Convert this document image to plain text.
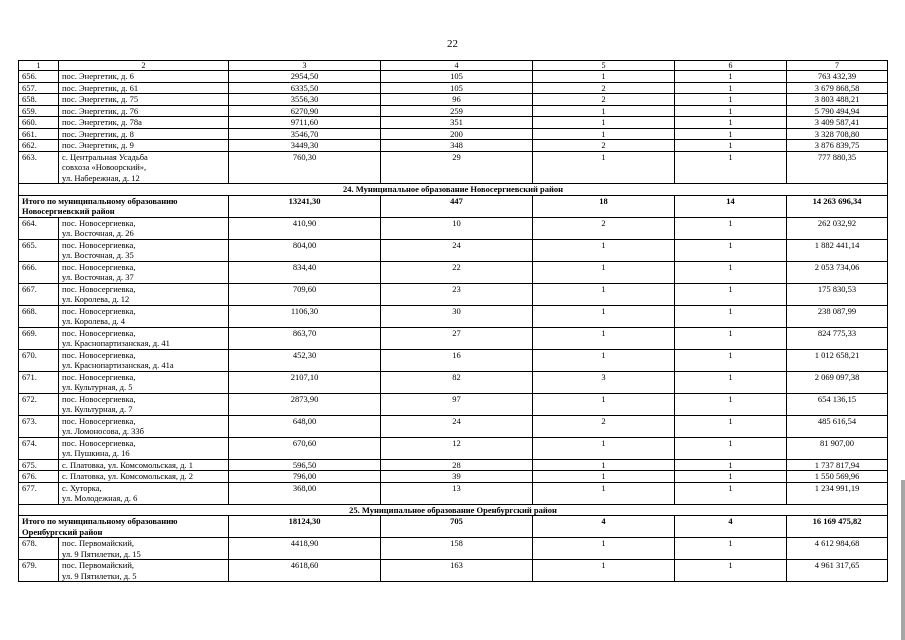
22
1	2	3	4	5	6	7
656.	пос. Энергетик, д. 6	2954,50	105	1	1	763 432,39
657.	пос. Энергетик, д. 61	6335,50	105	2	1	3 679 868,58
658.	пос. Энергетик, д. 75	3556,30	96	2	1	3 803 488,21
659.	пос. Энергетик, д. 76	6270,90	259	1	1	5 790 494,94
660.	пос. Энергетик, д. 78а	9711,60	351	1	1	3 409 587,41
661.	пос. Энергетик, д. 8	3546,70	200	1	1	3 328 708,80
662.	пос. Энергетик, д. 9	3449,30	348	2	1	3 876 839,75
663.	с. Центральная Усадьба
совхоза «Новоорский»,
ул. Набережная, д. 12	760,30	29	1	1	777 880,35
24. Муниципальное образование Новосергиевский район						

Итого по муниципальному образованию
Новосергиевский район		13241,30	447	18	14	14 263 696,34
664.	пос. Новосергиевка,
ул. Восточная, д. 26	410,90	10	2	1	262 032,92
665.	пос. Новосергиевка,
ул. Восточная, д. 35	804,00	24	1	1	1 882 441,14
666.	пос. Новосергиевка,
ул. Восточная, д. 37	834,40	22	1	1	2 053 734,06
667.	пос. Новосергиевка,
ул. Королева, д. 12	709,60	23	1	1	175 830,53
668.	пос. Новосергиевка,
ул. Королева, д. 4	1106,30	30	1	1	238 087,99
669.	пос. Новосергиевка,
ул. Краснопартизанская, д. 41	863,70	27	1	1	824 775,33
670.	пос. Новосергиевка,
ул. Краснопартизанская, д. 41а	452,30	16	1	1	1 012 658,21
671.	пос. Новосергиевка,
ул. Культурная, д. 5	2107,10	82	3	1	2 069 097,38
672.	пос. Новосергиевка,
ул. Культурная, д. 7	2873,90	97	1	1	654 136,15
673.	пос. Новосергиевка,
ул. Ломоносова, д. 33б	648,00	24	2	1	485 616,54
674.	пос. Новосергиевка,
ул. Пушкина, д. 16	670,60	12	1	1	81 907,00
675.	с. Платовка, ул. Комсомольская, д. 1	596,50	28	1	1	1 737 817,94
676.	с. Платовка, ул. Комсомольская, д. 2	796,00	39	1	1	1 550 569,96
677.	с. Хуторка,
ул. Молодежная, д. 6	368,00	13	1	1	1 234 991,19
25. Муниципальное образование Оренбургский район						

Итого по муниципальному образованию
Оренбургский район		18124,30	705	4	4	16 169 475,82
678.	пос. Первомайский,
ул. 9 Пятилетки, д. 15	4418,90	158	1	1	4 612 984,68
679.	пос. Первомайский,
ул. 9 Пятилетки, д. 5	4618,60	163	1	1	4 961 317,65
